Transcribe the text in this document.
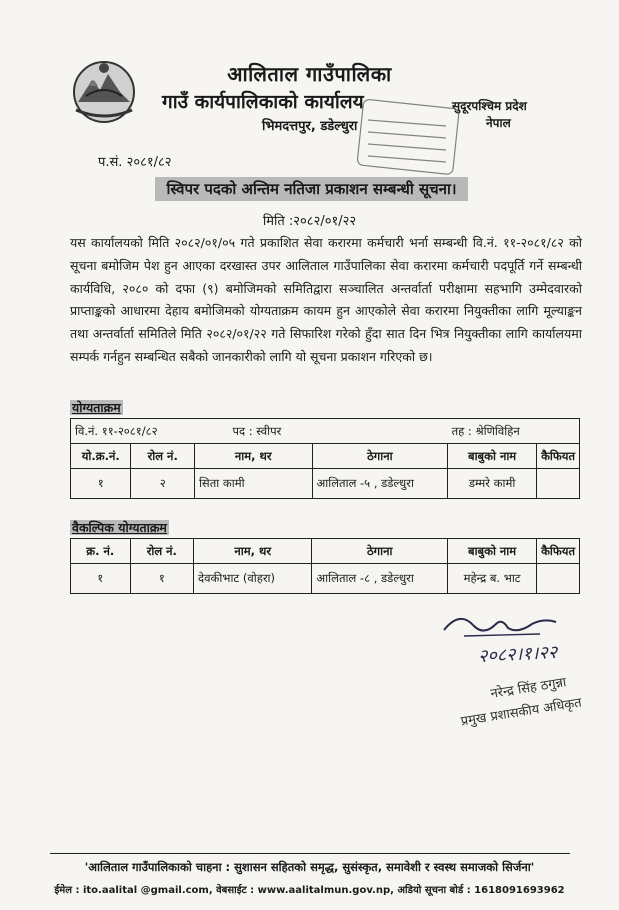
आलिताल गाउँपालिका
गाउँ कार्यपालिकाको कार्यालय
भिमदत्तपुर, डडेल्धुरा
सुदूरपश्चिम प्रदेश
नेपाल
प.सं. २०८१/८२
स्विपर पदको अन्तिम नतिजा प्रकाशन सम्बन्धी सूचना।
मिति :२०८२/०१/२२
यस कार्यालयको मिति २०८२/०१/०५ गते प्रकाशित सेवा करारमा कर्मचारी भर्ना सम्बन्धी वि.नं. ११-२०८१/८२ को सूचना बमोजिम पेश हुन आएका दरखास्त उपर आलिताल गाउँपालिका सेवा करारमा कर्मचारी पदपूर्ति गर्ने सम्बन्धी कार्यविधि, २०८० को दफा (९) बमोजिमको समितिद्वारा सञ्चालित अन्तर्वार्ता परीक्षामा सहभागि उम्मेदवारको प्राप्ताङ्कको आधारमा देहाय बमोजिमको योग्यताक्रम कायम हुन आएकोले सेवा करारमा नियुक्तीका लागि मूल्याङ्कन तथा अन्तर्वार्ता समितिले मिति २०८२/०१/२२ गते सिफारिश गरेको हुँदा सात दिन भित्र नियुक्तीका लागि कार्यालयमा सम्पर्क गर्नहुन सम्बन्धित सबैको जानकारीको लागि यो सूचना प्रकाशन गरिएको छ।
योग्यताक्रम
वि.नं. ११-२०८१/८२		पद : स्वीपर		तह : श्रेणिविहिन	
यो.क्र.नं.	रोल नं.	नाम, थर	ठेगाना	बाबुको नाम	कैफियत
१	२	सिता कामी	आलिताल -५ , डडेल्धुरा	डम्मरे कामी	
वैकल्पिक योग्यताक्रम
क्र. नं.	रोल नं.	नाम, थर	ठेगाना	बाबुको नाम	कैफियत
१	१	देवकीभाट (वोहरा)	आलिताल -८ , डडेल्धुरा	महेन्द्र ब. भाट	
२०८२।१।२२
नरेन्द्र सिंह ठगुन्ना
प्रमुख प्रशासकीय अधिकृत
'आलिताल गाउँपालिकाको चाहना : सुशासन सहितको समृद्ध, सुसंस्कृत, समावेशी र स्वस्थ समाजको सिर्जना'
ईमेल : ito.aalital @gmail.com, वेबसाईट : www.aalitalmun.gov.np, अडियो सूचना बोर्ड : 1618091693962
